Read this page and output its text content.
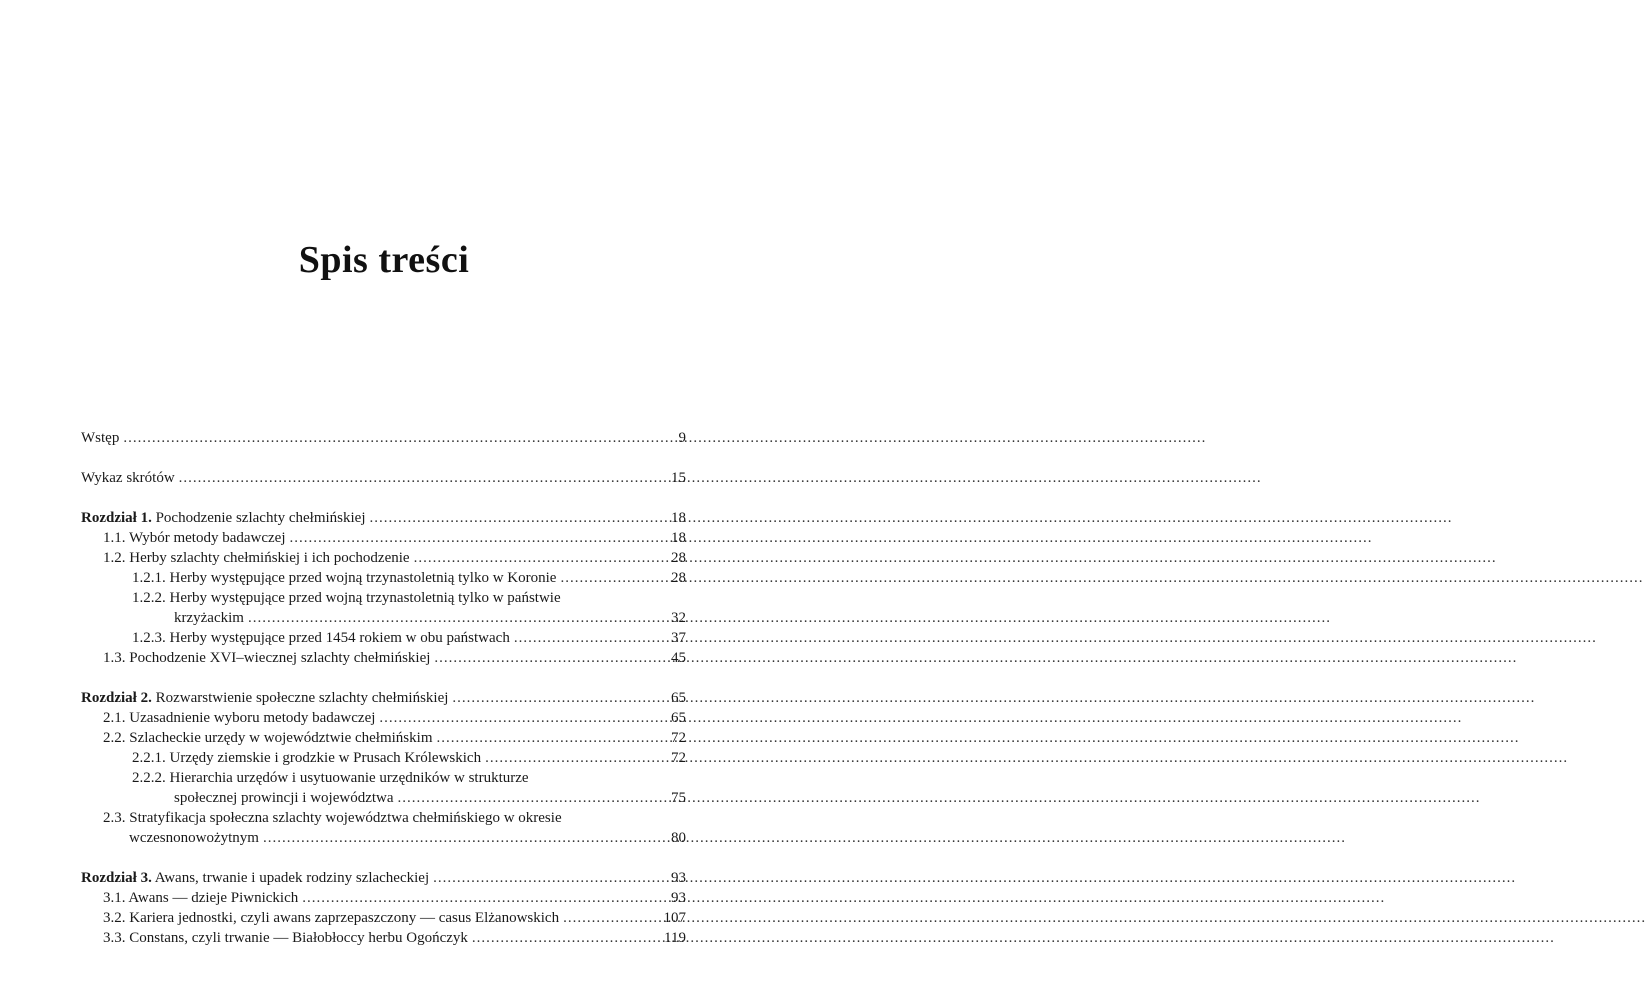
Spis treści
Wstęp .....	9
Wykaz skrótów .....	15
Rozdział 1. Pochodzenie szlachty chełmińskiej .....	18
1.1. Wybór metody badawczej .....	18
1.2. Herby szlachty chełmińskiej i ich pochodzenie .....	28
1.2.1. Herby występujące przed wojną trzynastoletnią tylko w Koronie .....	28
1.2.2. Herby występujące przed wojną trzynastoletnią tylko w państwie
krzyżackim .....	32
1.2.3. Herby występujące przed 1454 rokiem w obu państwach .....	37
1.3. Pochodzenie XVI–wiecznej szlachty chełmińskiej .....	45
Rozdział 2. Rozwarstwienie społeczne szlachty chełmińskiej .....	65
2.1. Uzasadnienie wyboru metody badawczej .....	65
2.2. Szlacheckie urzędy w województwie chełmińskim .....	72
2.2.1. Urzędy ziemskie i grodzkie w Prusach Królewskich .....	72
2.2.2. Hierarchia urzędów i usytuowanie urzędników w strukturze
społecznej prowincji i województwa .....	75
2.3. Stratyfikacja społeczna szlachty województwa chełmińskiego w okresie
wczesnonowożytnym .....	80
Rozdział 3. Awans, trwanie i upadek rodziny szlacheckiej .....	93
3.1. Awans — dzieje Piwnickich .....	93
3.2. Kariera jednostki, czyli awans zaprzepaszczony — casus Elżanowskich .....	107
3.3. Constans, czyli trwanie — Białobłoccy herbu Ogończyk .....	119
